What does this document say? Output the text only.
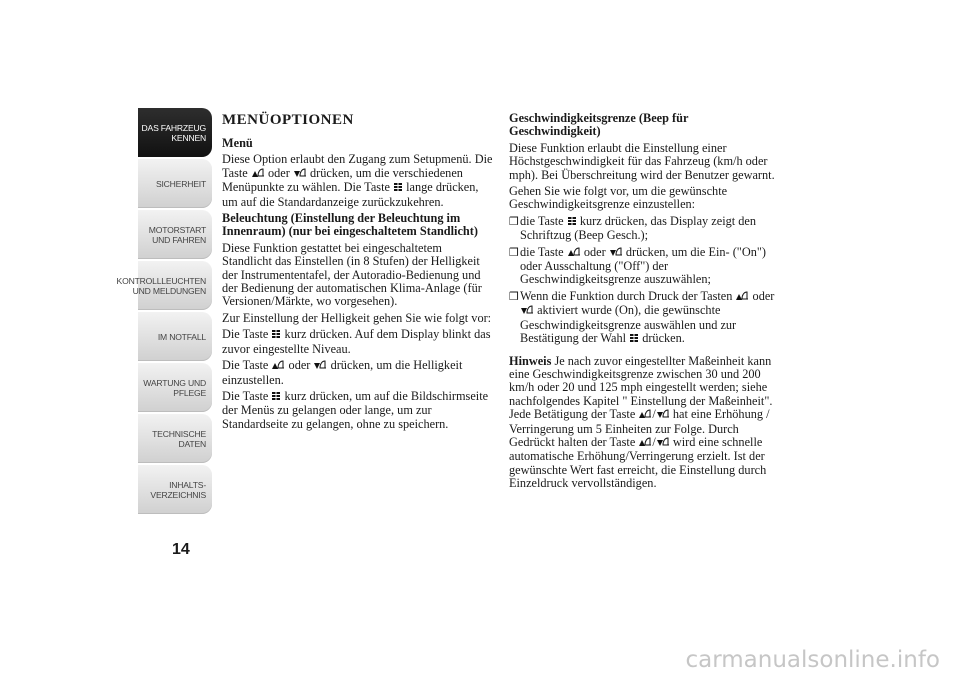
DAS FAHRZEUG KENNEN
SICHERHEIT
MOTORSTART UND FAHREN
KONTROLLLEUCHTEN UND MELDUNGEN
IM NOTFALL
WARTUNG UND PFLEGE
TECHNISCHE DATEN
INHALTS-VERZEICHNIS
14

MENÜOPTIONEN

Menü

Diese Option erlaubt den Zugang zum Setupmenü. Die Taste oder drücken, um die verschiedenen Menüpunkte zu wählen. Die Taste lange drücken, um auf die Standardanzeige zurückzukehren.

Beleuchtung (Einstellung der Beleuchtung im Innenraum) (nur bei eingeschaltetem Standlicht)

Diese Funktion gestattet bei eingeschaltetem Standlicht das Einstellen (in 8 Stufen) der Helligkeit der Instrumententafel, der Autoradio-Bedienung und der Bedienung der automatischen Klima-Anlage (für Versionen/Märkte, wo vorgesehen).

Zur Einstellung der Helligkeit gehen Sie wie folgt vor:

Die Taste kurz drücken. Auf dem Display blinkt das zuvor eingestellte Niveau.

Die Taste oder drücken, um die Helligkeit einzustellen.

Die Taste kurz drücken, um auf die Bildschirmseite der Menüs zu gelangen oder lange, um zur Standardseite zu gelangen, ohne zu speichern.

Geschwindigkeitsgrenze (Beep für Geschwindigkeit)

Diese Funktion erlaubt die Einstellung einer Höchstgeschwindigkeit für das Fahrzeug (km/h oder mph). Bei Überschreitung wird der Benutzer gewarnt.

Gehen Sie wie folgt vor, um die gewünschte Geschwindigkeitsgrenze einzustellen:

❒ die Taste kurz drücken, das Display zeigt den Schriftzug (Beep Gesch.);
❒ die Taste oder drücken, um die Ein- ("On") oder Ausschaltung ("Off") der Geschwindigkeitsgrenze auszuwählen;
❒ Wenn die Funktion durch Druck der Tasten oder  aktiviert wurde (On), die gewünschte Geschwindigkeitsgrenze auswählen und zur Bestätigung der Wahl drücken.

Hinweis Je nach zuvor eingestellter Maßeinheit kann eine Geschwindigkeitsgrenze zwischen 30 und 200 km/h oder 20 und 125 mph eingestellt werden; siehe nachfolgendes Kapitel " Einstellung der Maßeinheit". Jede Betätigung der Taste / hat eine Erhöhung / Verringerung um 5 Einheiten zur Folge. Durch Gedrückt halten der Taste / wird eine schnelle automatische Erhöhung/Verringerung erzielt. Ist der gewünschte Wert fast erreicht, die Einstellung durch Einzeldruck vervollständigen.

carmanualsonline.info
